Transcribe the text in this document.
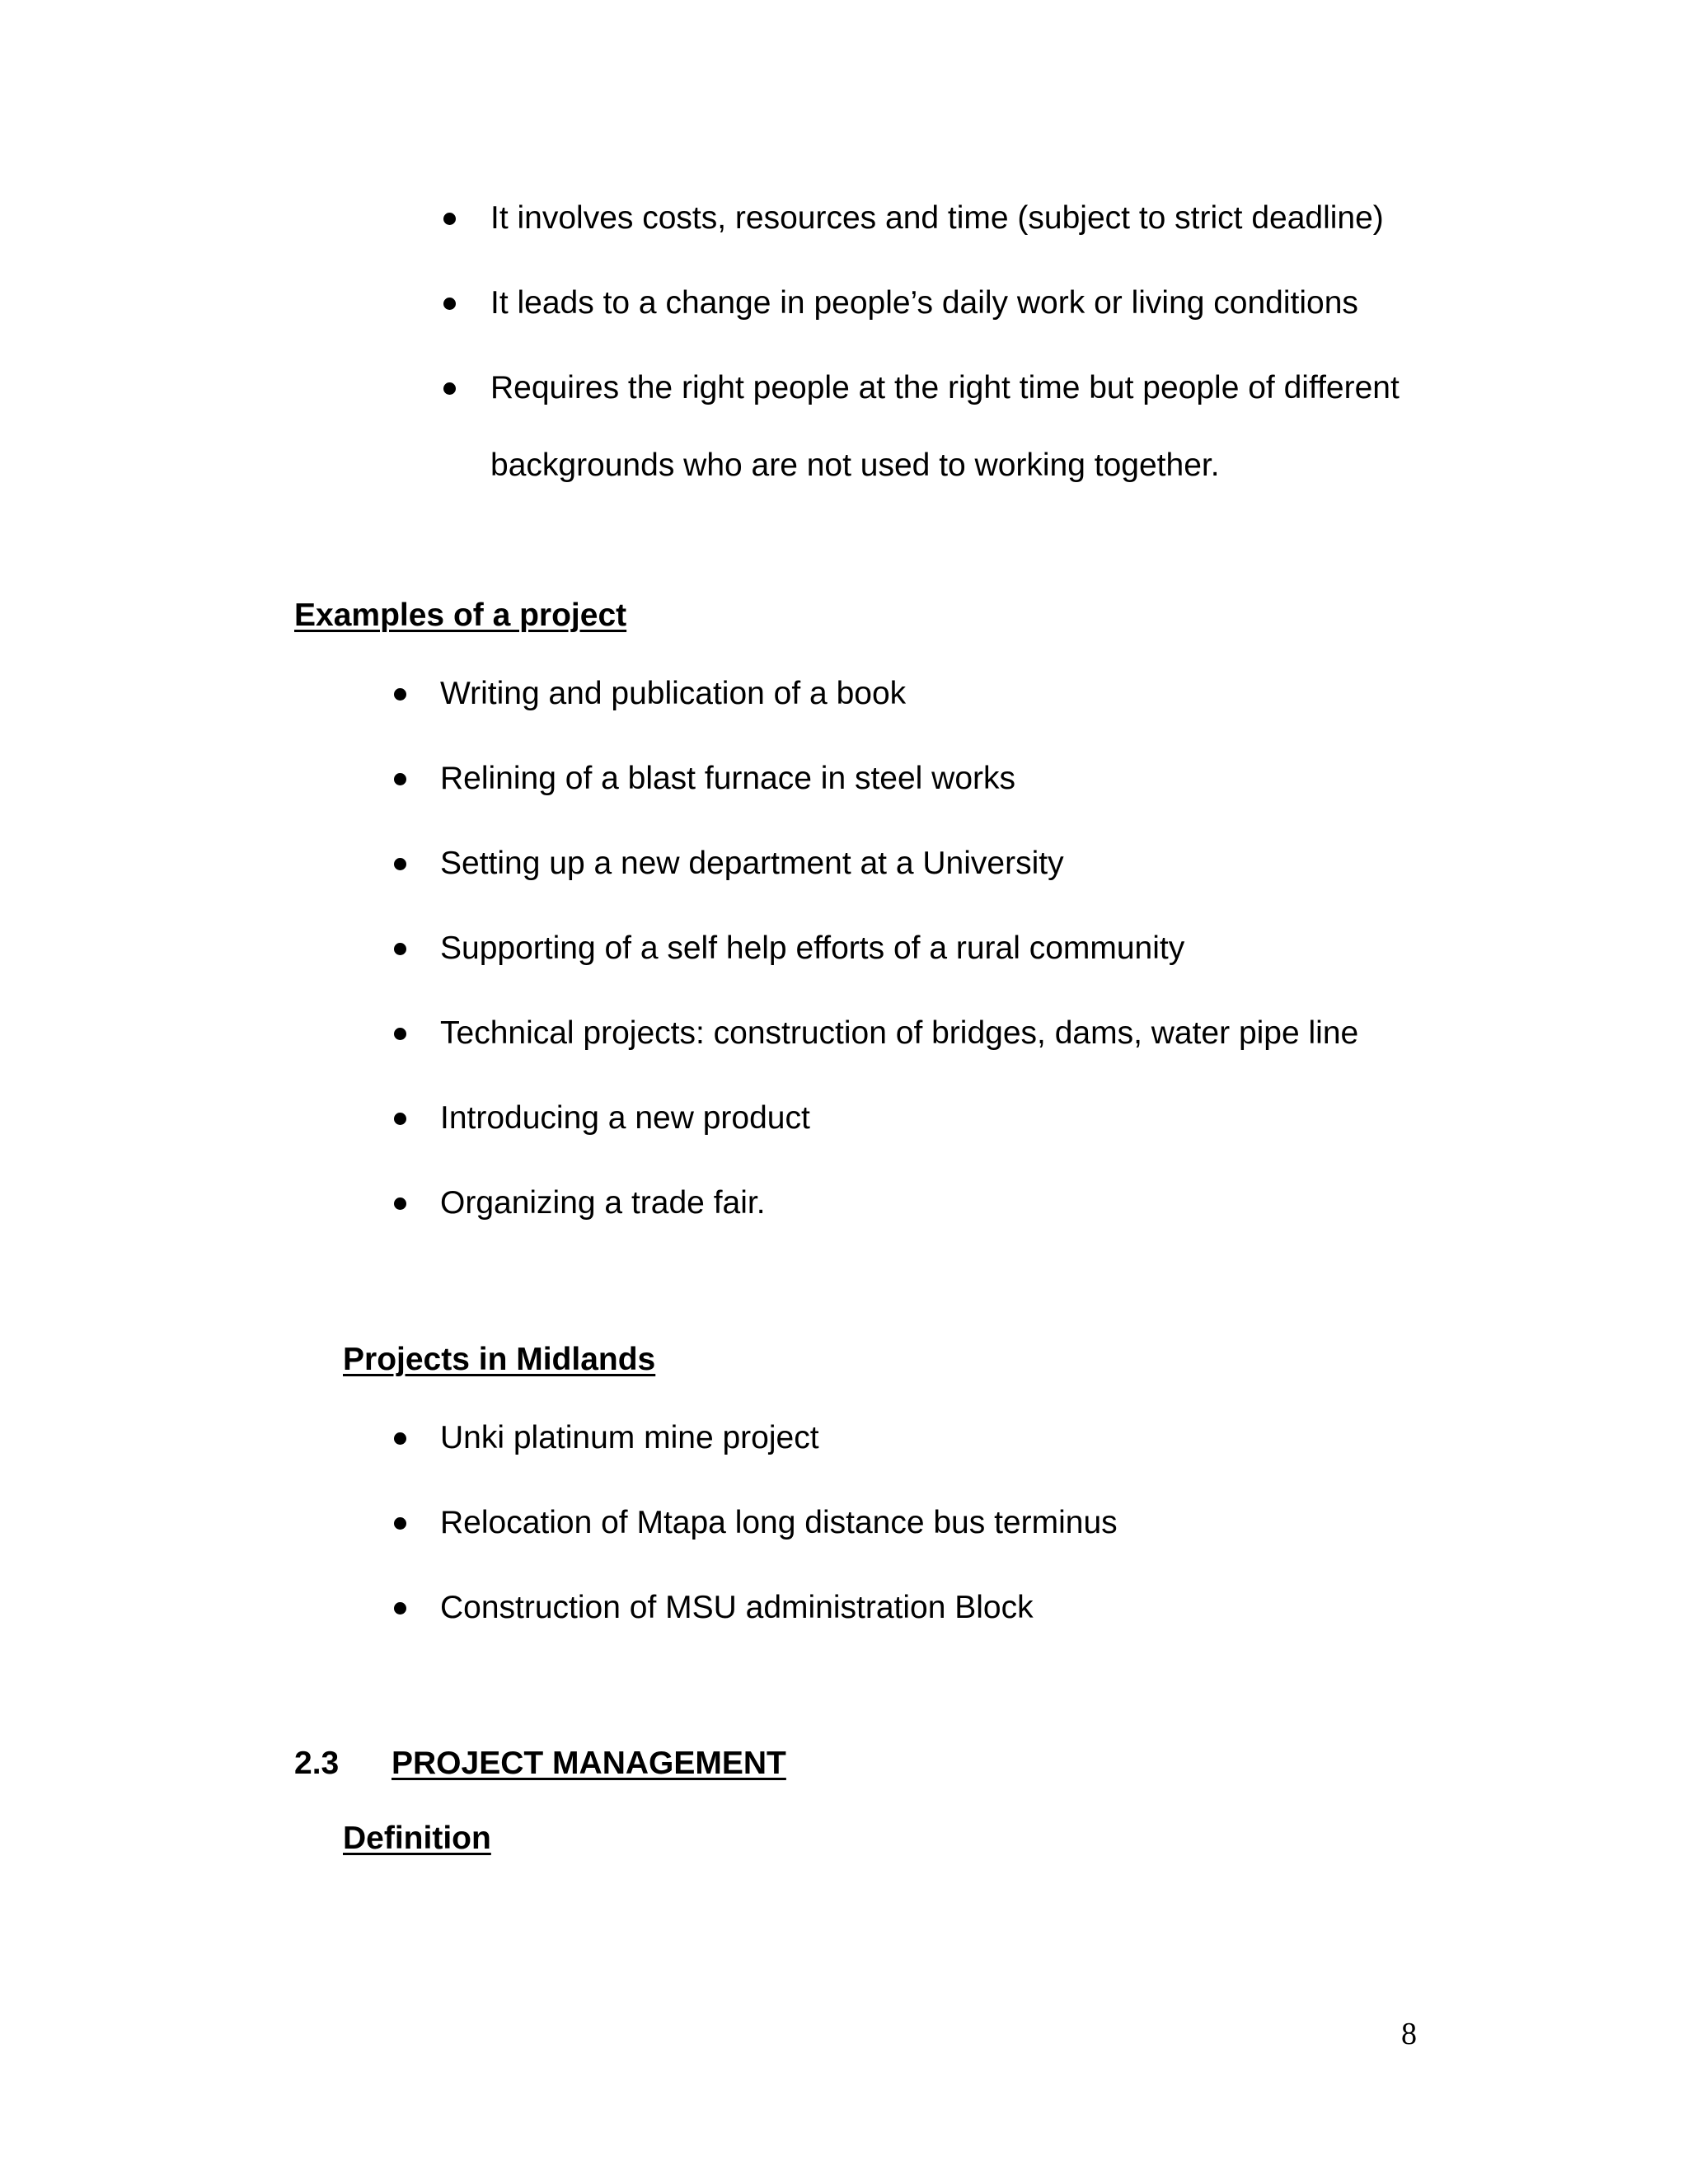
It involves costs, resources and time (subject to strict deadline)
It leads to a change in people’s daily work or living conditions
Requires the right people at the right time but people of different
backgrounds who are not used to working together.
Examples of a project
Writing and publication of a book
Relining of a blast furnace in steel works
Setting up a new department at a University
Supporting of a self help efforts of a rural community
Technical projects: construction of bridges, dams, water pipe line
Introducing a new product
Organizing a trade fair.
Projects in Midlands
Unki platinum mine project
Relocation of Mtapa long distance bus terminus
Construction of MSU administration Block
2.3 PROJECT MANAGEMENT
Definition
8
